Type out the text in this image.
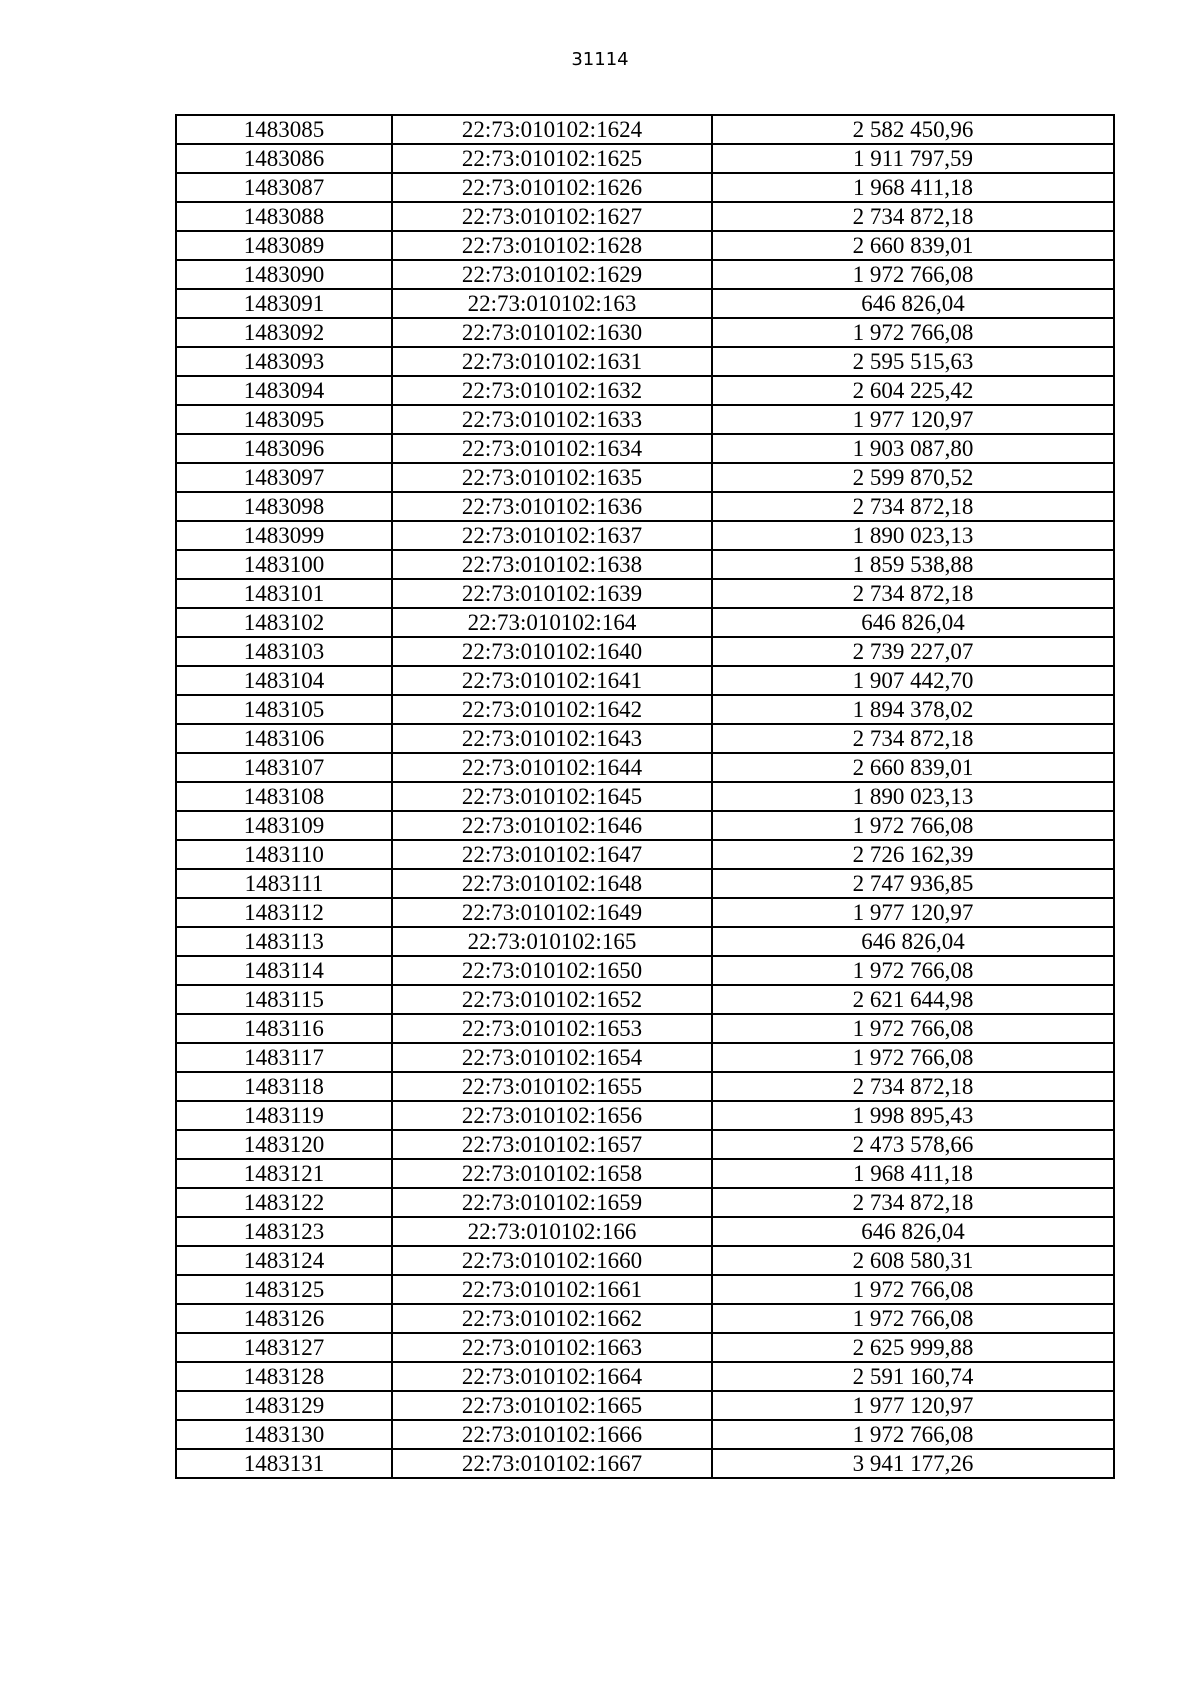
31114
1483085	22:73:010102:1624	2 582 450,96
1483086	22:73:010102:1625	1 911 797,59
1483087	22:73:010102:1626	1 968 411,18
1483088	22:73:010102:1627	2 734 872,18
1483089	22:73:010102:1628	2 660 839,01
1483090	22:73:010102:1629	1 972 766,08
1483091	22:73:010102:163	646 826,04
1483092	22:73:010102:1630	1 972 766,08
1483093	22:73:010102:1631	2 595 515,63
1483094	22:73:010102:1632	2 604 225,42
1483095	22:73:010102:1633	1 977 120,97
1483096	22:73:010102:1634	1 903 087,80
1483097	22:73:010102:1635	2 599 870,52
1483098	22:73:010102:1636	2 734 872,18
1483099	22:73:010102:1637	1 890 023,13
1483100	22:73:010102:1638	1 859 538,88
1483101	22:73:010102:1639	2 734 872,18
1483102	22:73:010102:164	646 826,04
1483103	22:73:010102:1640	2 739 227,07
1483104	22:73:010102:1641	1 907 442,70
1483105	22:73:010102:1642	1 894 378,02
1483106	22:73:010102:1643	2 734 872,18
1483107	22:73:010102:1644	2 660 839,01
1483108	22:73:010102:1645	1 890 023,13
1483109	22:73:010102:1646	1 972 766,08
1483110	22:73:010102:1647	2 726 162,39
1483111	22:73:010102:1648	2 747 936,85
1483112	22:73:010102:1649	1 977 120,97
1483113	22:73:010102:165	646 826,04
1483114	22:73:010102:1650	1 972 766,08
1483115	22:73:010102:1652	2 621 644,98
1483116	22:73:010102:1653	1 972 766,08
1483117	22:73:010102:1654	1 972 766,08
1483118	22:73:010102:1655	2 734 872,18
1483119	22:73:010102:1656	1 998 895,43
1483120	22:73:010102:1657	2 473 578,66
1483121	22:73:010102:1658	1 968 411,18
1483122	22:73:010102:1659	2 734 872,18
1483123	22:73:010102:166	646 826,04
1483124	22:73:010102:1660	2 608 580,31
1483125	22:73:010102:1661	1 972 766,08
1483126	22:73:010102:1662	1 972 766,08
1483127	22:73:010102:1663	2 625 999,88
1483128	22:73:010102:1664	2 591 160,74
1483129	22:73:010102:1665	1 977 120,97
1483130	22:73:010102:1666	1 972 766,08
1483131	22:73:010102:1667	3 941 177,26
